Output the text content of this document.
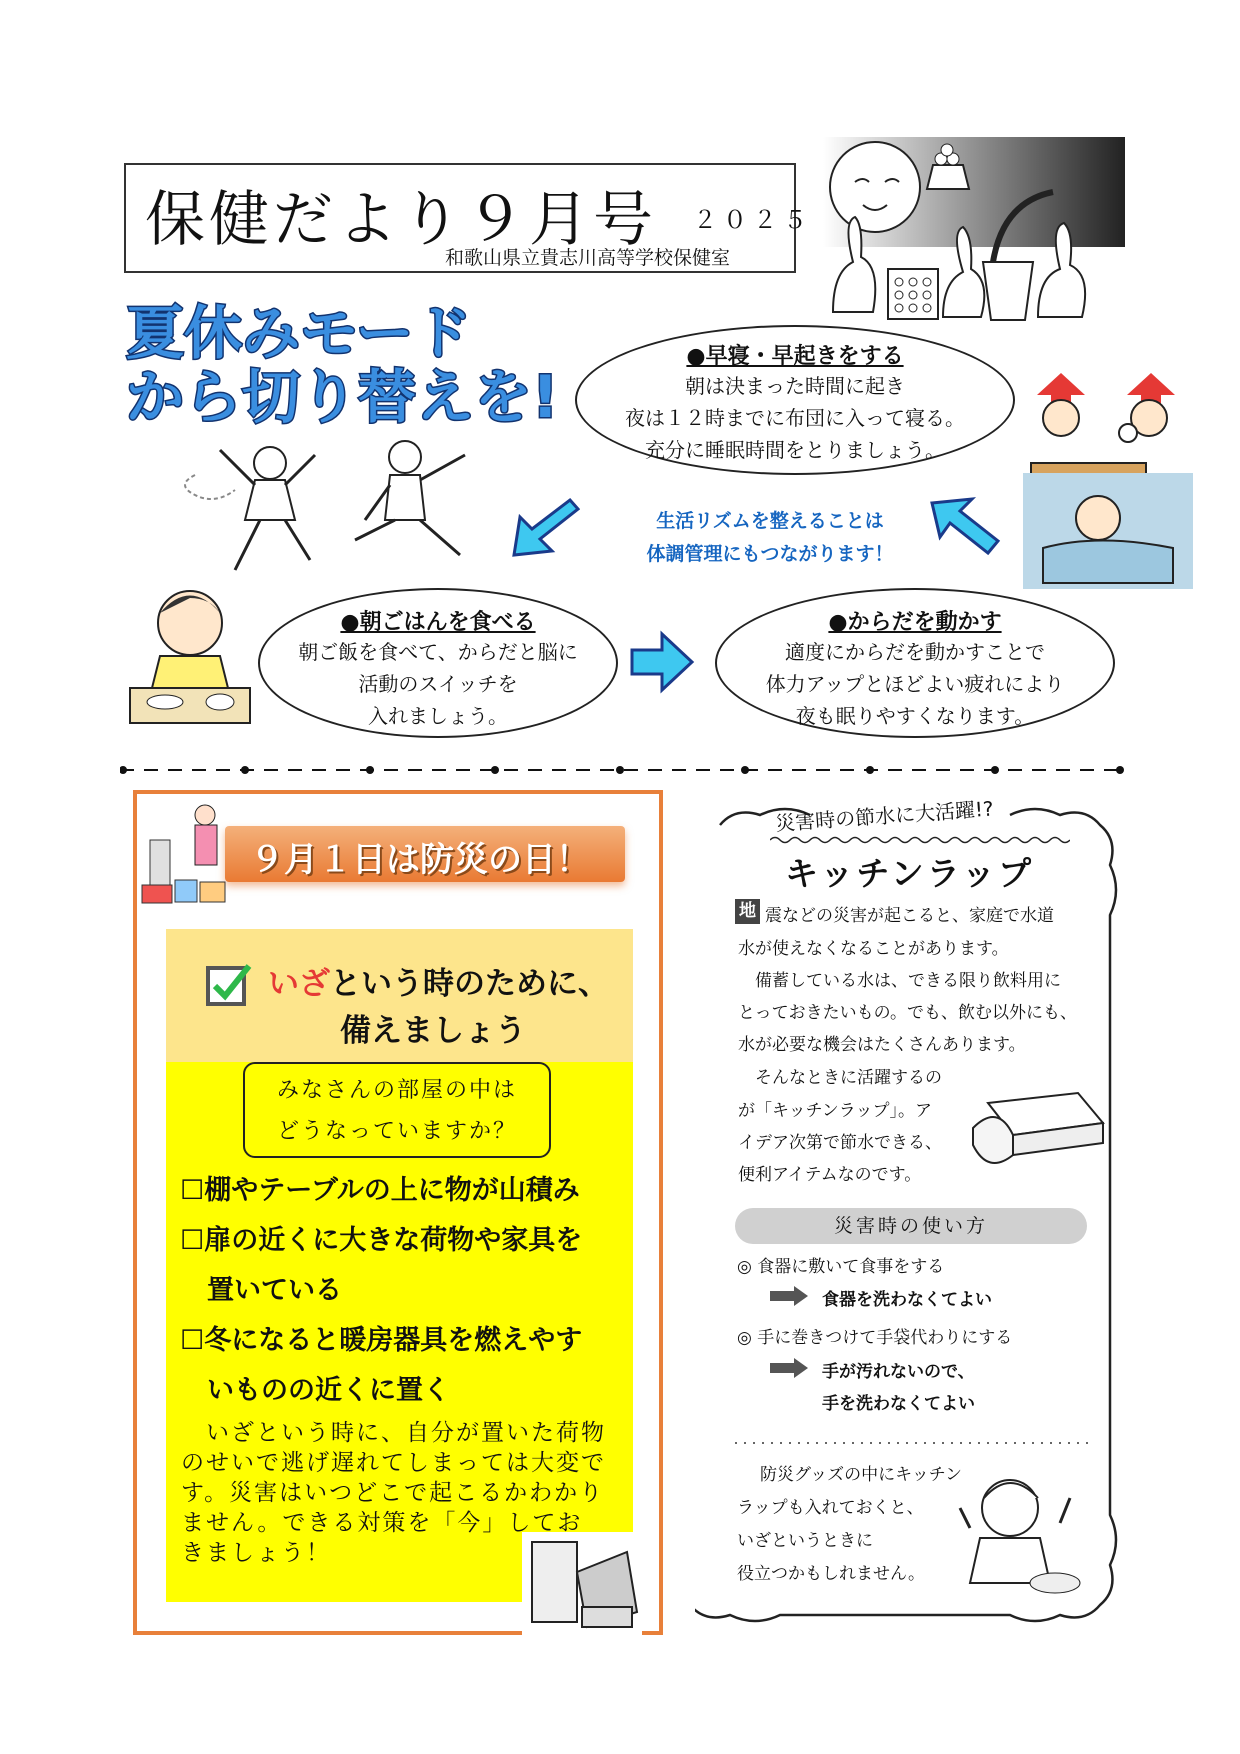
保健だより９月号 ２０２５
和歌山県立貴志川高等学校保健室
夏休みモード
から切り替えを!
●早寝・早起きをする
朝は決まった時間に起き
夜は１２時までに布団に入って寝る。
充分に睡眠時間をとりましょう。
●朝ごはんを食べる
朝ご飯を食べて、からだと脳に
活動のスイッチを
入れましょう。
●からだを動かす
適度にからだを動かすことで
体力アップとほどよい疲れにより
夜も眠りやすくなります。
生活リズムを整えることは
体調管理にもつながります！
９月１日は防災の日！
いざという時のために、
備えましょう
みなさんの部屋の中は
どうなっていますか？
☐棚やテーブルの上に物が山積み
☐扉の近くに大きな荷物や家具を
　置いている
☐冬になると暖房器具を燃えやす
　いものの近くに置く
　いざという時に、自分が置いた荷物のせいで逃げ遅れてしまっては大変です。災害はいつどこで起こるかわかりません。できる対策を「今」しておきましょう！
災害時の節水に大活躍!?
キッチンラップ
地 震などの災害が起こると、家庭で水道
水が使えなくなることがあります。
　備蓄している水は、できる限り飲料用に
とっておきたいもの。でも、飲む以外にも、
水が必要な機会はたくさんあります。
　そんなときに活躍するの
が「キッチンラップ」。ア
イデア次第で節水できる、
便利アイテムなのです。
災害時の使い方
◎ 食器に敷いて食事をする
食器を洗わなくてよい
◎ 手に巻きつけて手袋代わりにする
手が汚れないので、
手を洗わなくてよい
防災グッズの中にキッチン
ラップも入れておくと、
いざというときに
役立つかもしれません。
